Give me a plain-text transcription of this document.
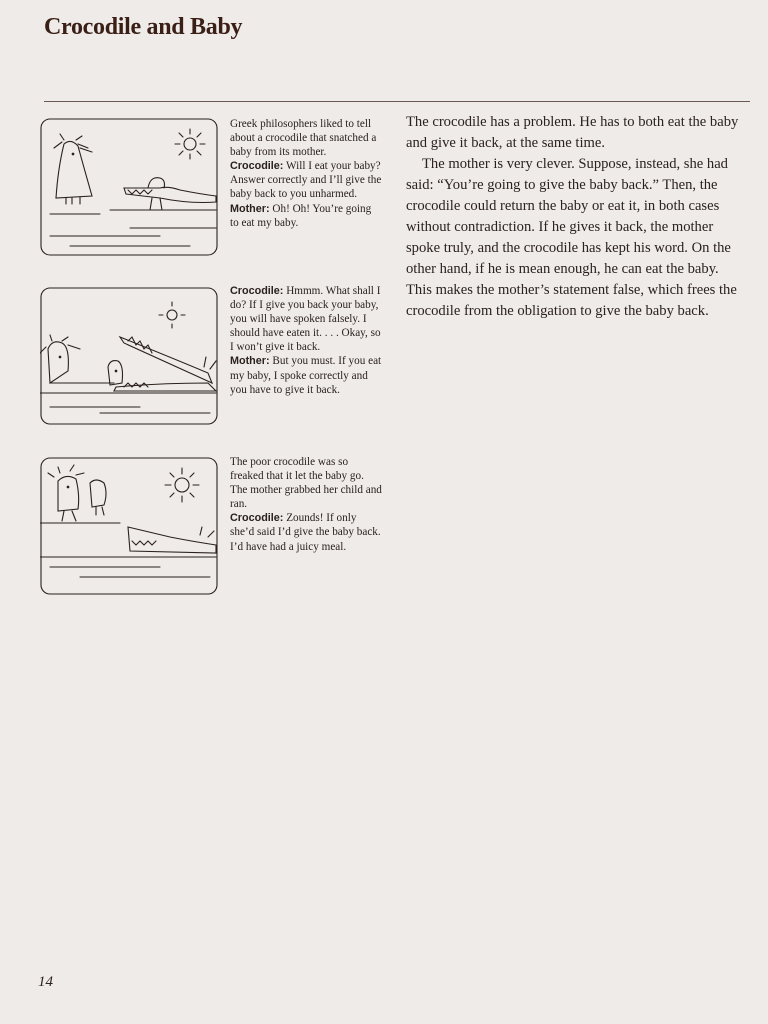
Crocodile and Baby

Greek philosophers liked to tell about a crocodile that snatched a baby from its mother.
Crocodile: Will I eat your baby? Answer correctly and I’ll give the baby back to you unharmed.
Mother: Oh! Oh! You’re going to eat my baby.

Crocodile: Hmmm. What shall I do? If I give you back your baby, you will have spoken falsely. I should have eaten it. . . . Okay, so I won’t give it back.
Mother: But you must. If you eat my baby, I spoke correctly and you have to give it back.

The poor crocodile was so freaked that it let the baby go. The mother grabbed her child and ran.
Crocodile: Zounds! If only she’d said I’d give the baby back. I’d have had a juicy meal.

The crocodile has a problem. He has to both eat the baby and give it back, at the same time.

The mother is very clever. Suppose, instead, she had said: “You’re going to give the baby back.” Then, the crocodile could return the baby or eat it, in both cases without contradiction. If he gives it back, the mother spoke truly, and the crocodile has kept his word. On the other hand, if he is mean enough, he can eat the baby. This makes the mother’s statement false, which frees the crocodile from the obligation to give the baby back.

14
